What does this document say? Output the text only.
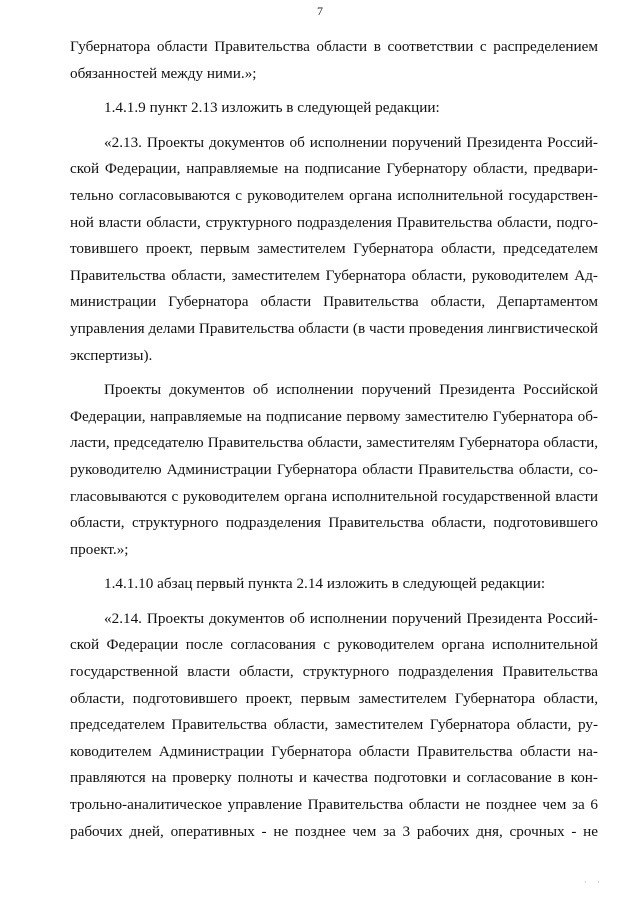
7
Губернатора области Правительства области в соответствии с распределением
обязанностей между ними.»;
1.4.1.9 пункт 2.13 изложить в следующей редакции:
«2.13. Проекты документов об исполнении поручений Президента Россий-
ской Федерации, направляемые на подписание Губернатору области, предвари-
тельно согласовываются с руководителем органа исполнительной государствен-
ной власти области, структурного подразделения Правительства области, подго-
товившего проект, первым заместителем Губернатора области, председателем
Правительства области, заместителем Губернатора области, руководителем Ад-
министрации Губернатора области Правительства области, Департаментом
управления делами Правительства области (в части проведения лингвистической
экспертизы).
Проекты документов об исполнении поручений Президента Российской
Федерации, направляемые на подписание первому заместителю Губернатора об-
ласти, председателю Правительства области, заместителям Губернатора области,
руководителю Администрации Губернатора области Правительства области, со-
гласовываются с руководителем органа исполнительной государственной власти
области, структурного подразделения Правительства области, подготовившего
проект.»;
1.4.1.10 абзац первый пункта 2.14 изложить в следующей редакции:
«2.14. Проекты документов об исполнении поручений Президента Россий-
ской Федерации после согласования с руководителем органа исполнительной
государственной власти области, структурного подразделения Правительства
области, подготовившего проект, первым заместителем Губернатора области,
председателем Правительства области, заместителем Губернатора области, ру-
ководителем Администрации Губернатора области Правительства области на-
правляются на проверку полноты и качества подготовки и согласование в кон-
трольно-аналитическое управление Правительства области не позднее чем за 6
рабочих дней, оперативных - не позднее чем за 3 рабочих дня, срочных - не
· ·
